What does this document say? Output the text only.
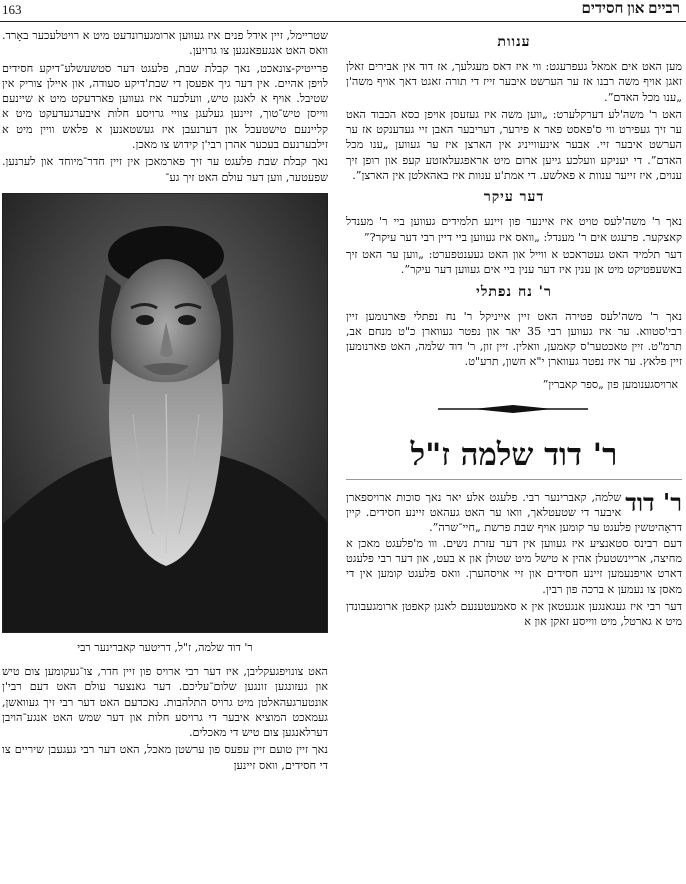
163	רביים און חסידים

שטריימל, זיין אידל פנים איז געווען ארומגערונדעט מיט א רויטלעכער באָרד. וואס האט אנגעפאנגען צו גרויען.

פרייטיק-צונאכט, נאך קבלת שבת, פלעגט דער סטשעשלע־דיקע חסידים לויפן אהיים. אין דער גיך אפעסן די שבת'דיקע סעודה, און איילן צוריק אין שטיבל. אויף א לאנגן טיש, וועלכער איז געווען פארדעקט מיט א שיינעם ווייסן טיש־טוך, זיינען געלעגן צוויי גרויסע חלות איבערגעדעקט מיט א קליינעם טישטעכל און דערנעבן איז געשטאנען א פלאש וויין מיט א זילבערנעם בעכער אהרן רבי'ן קידוש צו מאכן.

נאך קבלת שבת פלעגט ער זיך פארמאכן אין זיין חדר־מיוחד און לערנען. שפעטער, ווען דער עולם האט זיך גע־

ר' דוד שלמה, ז"ל, דריטער קאברינער רבי

האט צונויפגעקליבן, איז דער רבי ארויס פון זיין חדר, צו־געקומען צום טיש און געזונגען זונגען שלום־עליכם. דער גאנצער עולם האט דעם רבי'ן אונטערגעהאלטן מיט גרויס התלהבות. נאכדעם האט דער רבי זיך געוואשן, געמאכט המוציא איבער די גרויסע חלות און דער שמש האט אנגע־הויבן דערלאנגען צום טיש די מאכלים.

נאך זיין טועם זיין עפעס פון ערשטן מאכל, האט דער רבי געגעבן שיריים צו די חסידים, וואס זיינען

ענוות

מען האט אים אמאל געפרעגט: ווי איז דאס מעגלעך, אז דוד אין אבירים זאלן זאגן אויף משה רבנו אז ער הערשט איבער זייז די תורה זאגט דאך אויף משה'ן „ענו מכל האדם”.

האט ר' משה'לע דערקלערט: „ווען משה איז געזעסן אויפן כסא הכבוד האט ער זיך געפירט ווי ס'פאסט פאר א פירער, דעריבער האבן זיי געדענקט אז ער הערשט איבער זיי. אבער אינעווייניג אין הארצן איז ער געווען „ענו מכל האדם”. די יעניקע וועלכע גייען ארום מיט אראפגעלאזטע קעפ און רופן זיך ענוים, איז זייער ענוות א פאלשע. די אמת'ע ענוות איז באהאלטן אין הארצן”.

דער עיקר

נאך ר' משה'לעס טויט איז איינער פון זיינע תלמידים געווען ביי ר' מענדל קאצקער. פרעגט אים ר' מענדל: „וואס איז געווען ביי דיין רבי דער עיקר?”

דער תלמיד האט געטראכט א ווייל און האט געענטפערט: „ווען ער האט זיך באשעפטיקט מיט אן ענין איז דער ענין ביי אים געווען דער עיקר”.

ר' נח נפתלי

נאך ר' משה'לעס פטירה האט זיין אייניקל ר' נח נפתלי פארנומען זיין רבי'סטווא. ער איז געווען רבי 35 יאר און נפטר געווארן כ"ט מנחם אב, תרמ"ט. זיין טאכטער'ס קאמען, וואלין. זיין זון, ר' דוד שלמה, האט פארנומען זיין פלאץ. ער איז נפטר געווארן י"א חשון, תרע"ט.

ארויסגענומען פון „ספר קאברין”

ר' דוד שלמה ז"ל

ר' דוד
שלמה, קאברינער רבי. פלעגט אלע יאר נאך סוכות ארויספארן איבער די שטעטלאך, וואו ער האט געהאט זיינע חסידים. קיין דראָהיטשין פלעגט ער קומען אויף שבת פרשת „חיי־שרה”.

דעם רבינס סטאנציע איז געווען אין דער עזרת נשים. ווו מ'פלעגט מאכן א מחיצה, אריינשטעלן אהין א טישל מיט שטולן און א בעט, און דער רבי פלעגט דארט אויפנעמען זיינע חסידים און זיי אויסהערן. וואס פלעגט קומען אין די מאסן צו נעמען א ברכה פון רבין.

דער רבי איז געגאנגען אנגעטאן אין א סאמעטענעם לאנגן קאפטן ארומגעבונדן מיט א גארטל, מיט ווייסע זאקן און א
